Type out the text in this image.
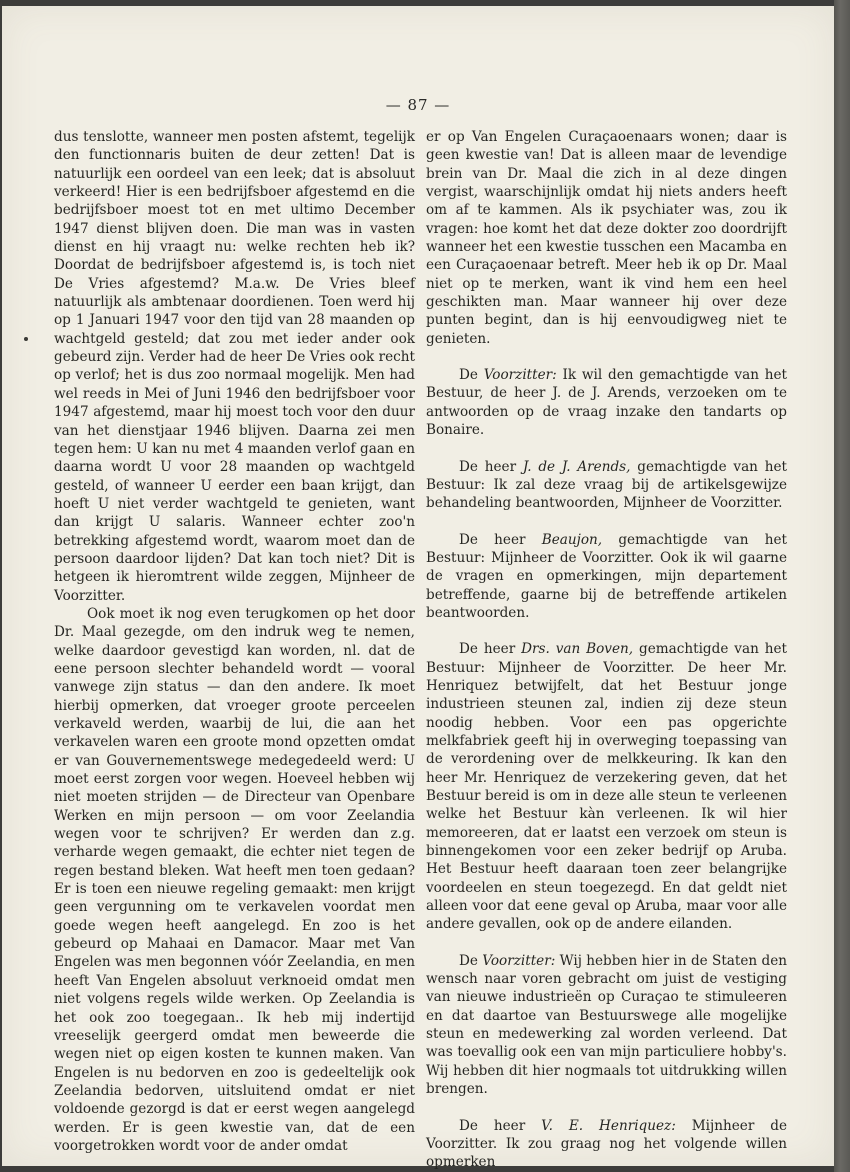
— 87 —

dus tenslotte, wanneer men posten afstemt, tegelijk den functionnaris buiten de deur zetten! Dat is natuurlijk een oordeel van een leek; dat is absoluut verkeerd! Hier is een bedrijfsboer afgestemd en die bedrijfsboer moest tot en met ultimo December 1947 dienst blijven doen. Die man was in vasten dienst en hij vraagt nu: welke rechten heb ik? Doordat de bedrijfsboer afgestemd is, is toch niet De Vries afgestemd? M.a.w. De Vries bleef natuurlijk als ambtenaar doordienen. Toen werd hij op 1 Januari 1947 voor den tijd van 28 maanden op wachtgeld gesteld; dat zou met ieder ander ook gebeurd zijn. Verder had de heer De Vries ook recht op verlof; het is dus zoo normaal mogelijk. Men had wel reeds in Mei of Juni 1946 den bedrijfsboer voor 1947 afgestemd, maar hij moest toch voor den duur van het dienstjaar 1946 blijven. Daarna zei men tegen hem: U kan nu met 4 maanden verlof gaan en daarna wordt U voor 28 maanden op wachtgeld gesteld, of wanneer U eerder een baan krijgt, dan hoeft U niet verder wachtgeld te genieten, want dan krijgt U salaris. Wanneer echter zoo'n betrekking afgestemd wordt, waarom moet dan de persoon daardoor lijden? Dat kan toch niet? Dit is hetgeen ik hieromtrent wilde zeggen, Mijnheer de Voorzitter.

Ook moet ik nog even terugkomen op het door Dr. Maal gezegde, om den indruk weg te nemen, welke daardoor gevestigd kan worden, nl. dat de eene persoon slechter behandeld wordt — vooral vanwege zijn status — dan den andere. Ik moet hierbij opmerken, dat vroeger groote perceelen verkaveld werden, waarbij de lui, die aan het verkavelen waren een groote mond opzetten omdat er van Gouvernementswege medegedeeld werd: U moet eerst zorgen voor wegen. Hoeveel hebben wij niet moeten strijden — de Directeur van Openbare Werken en mijn persoon — om voor Zeelandia wegen voor te schrijven? Er werden dan z.g. verharde wegen gemaakt, die echter niet tegen de regen bestand bleken. Wat heeft men toen gedaan? Er is toen een nieuwe regeling gemaakt: men krijgt geen vergunning om te verkavelen voordat men goede wegen heeft aangelegd. En zoo is het gebeurd op Mahaai en Damacor. Maar met Van Engelen was men begonnen vóór Zeelandia, en men heeft Van Engelen absoluut verknoeid omdat men niet volgens regels wilde werken. Op Zeelandia is het ook zoo toegegaan.. Ik heb mij indertijd vreeselijk geergerd omdat men beweerde die wegen niet op eigen kosten te kunnen maken. Van Engelen is nu bedorven en zoo is gedeeltelijk ook Zeelandia bedorven, uitsluitend omdat er niet voldoende gezorgd is dat er eerst wegen aangelegd werden. Er is geen kwestie van, dat de een voorgetrokken wordt voor de ander omdat

er op Van Engelen Curaçaoenaars wonen; daar is geen kwestie van! Dat is alleen maar de levendige brein van Dr. Maal die zich in al deze dingen vergist, waarschijnlijk omdat hij niets anders heeft om af te kammen. Als ik psychiater was, zou ik vragen: hoe komt het dat deze dokter zoo doordrijft wanneer het een kwestie tusschen een Macamba en een Curaçaoenaar betreft. Meer heb ik op Dr. Maal niet op te merken, want ik vind hem een heel geschikten man. Maar wanneer hij over deze punten begint, dan is hij eenvoudigweg niet te genieten.

De Voorzitter: Ik wil den gemachtigde van het Bestuur, de heer J. de J. Arends, verzoeken om te antwoorden op de vraag inzake den tandarts op Bonaire.

De heer J. de J. Arends, gemachtigde van het Bestuur: Ik zal deze vraag bij de artikelsgewijze behandeling beantwoorden, Mijnheer de Voorzitter.

De heer Beaujon, gemachtigde van het Bestuur: Mijnheer de Voorzitter. Ook ik wil gaarne de vragen en opmerkingen, mijn departement betreffende, gaarne bij de betreffende artikelen beantwoorden.

De heer Drs. van Boven, gemachtigde van het Bestuur: Mijnheer de Voorzitter. De heer Mr. Henriquez betwijfelt, dat het Bestuur jonge industrieen steunen zal, indien zij deze steun noodig hebben. Voor een pas opgerichte melkfabriek geeft hij in overweging toepassing van de verordening over de melkkeuring. Ik kan den heer Mr. Henriquez de verzekering geven, dat het Bestuur bereid is om in deze alle steun te verleenen welke het Bestuur kàn verleenen. Ik wil hier memoreeren, dat er laatst een verzoek om steun is binnengekomen voor een zeker bedrijf op Aruba. Het Bestuur heeft daaraan toen zeer belangrijke voordeelen en steun toegezegd. En dat geldt niet alleen voor dat eene geval op Aruba, maar voor alle andere gevallen, ook op de andere eilanden.

De Voorzitter: Wij hebben hier in de Staten den wensch naar voren gebracht om juist de vestiging van nieuwe industrieën op Curaçao te stimuleeren en dat daartoe van Bestuurswege alle mogelijke steun en medewerking zal worden verleend. Dat was toevallig ook een van mijn particuliere hobby's. Wij hebben dit hier nogmaals tot uitdrukking willen brengen.

De heer V. E. Henriquez: Mijnheer de Voorzitter. Ik zou graag nog het volgende willen opmerken
